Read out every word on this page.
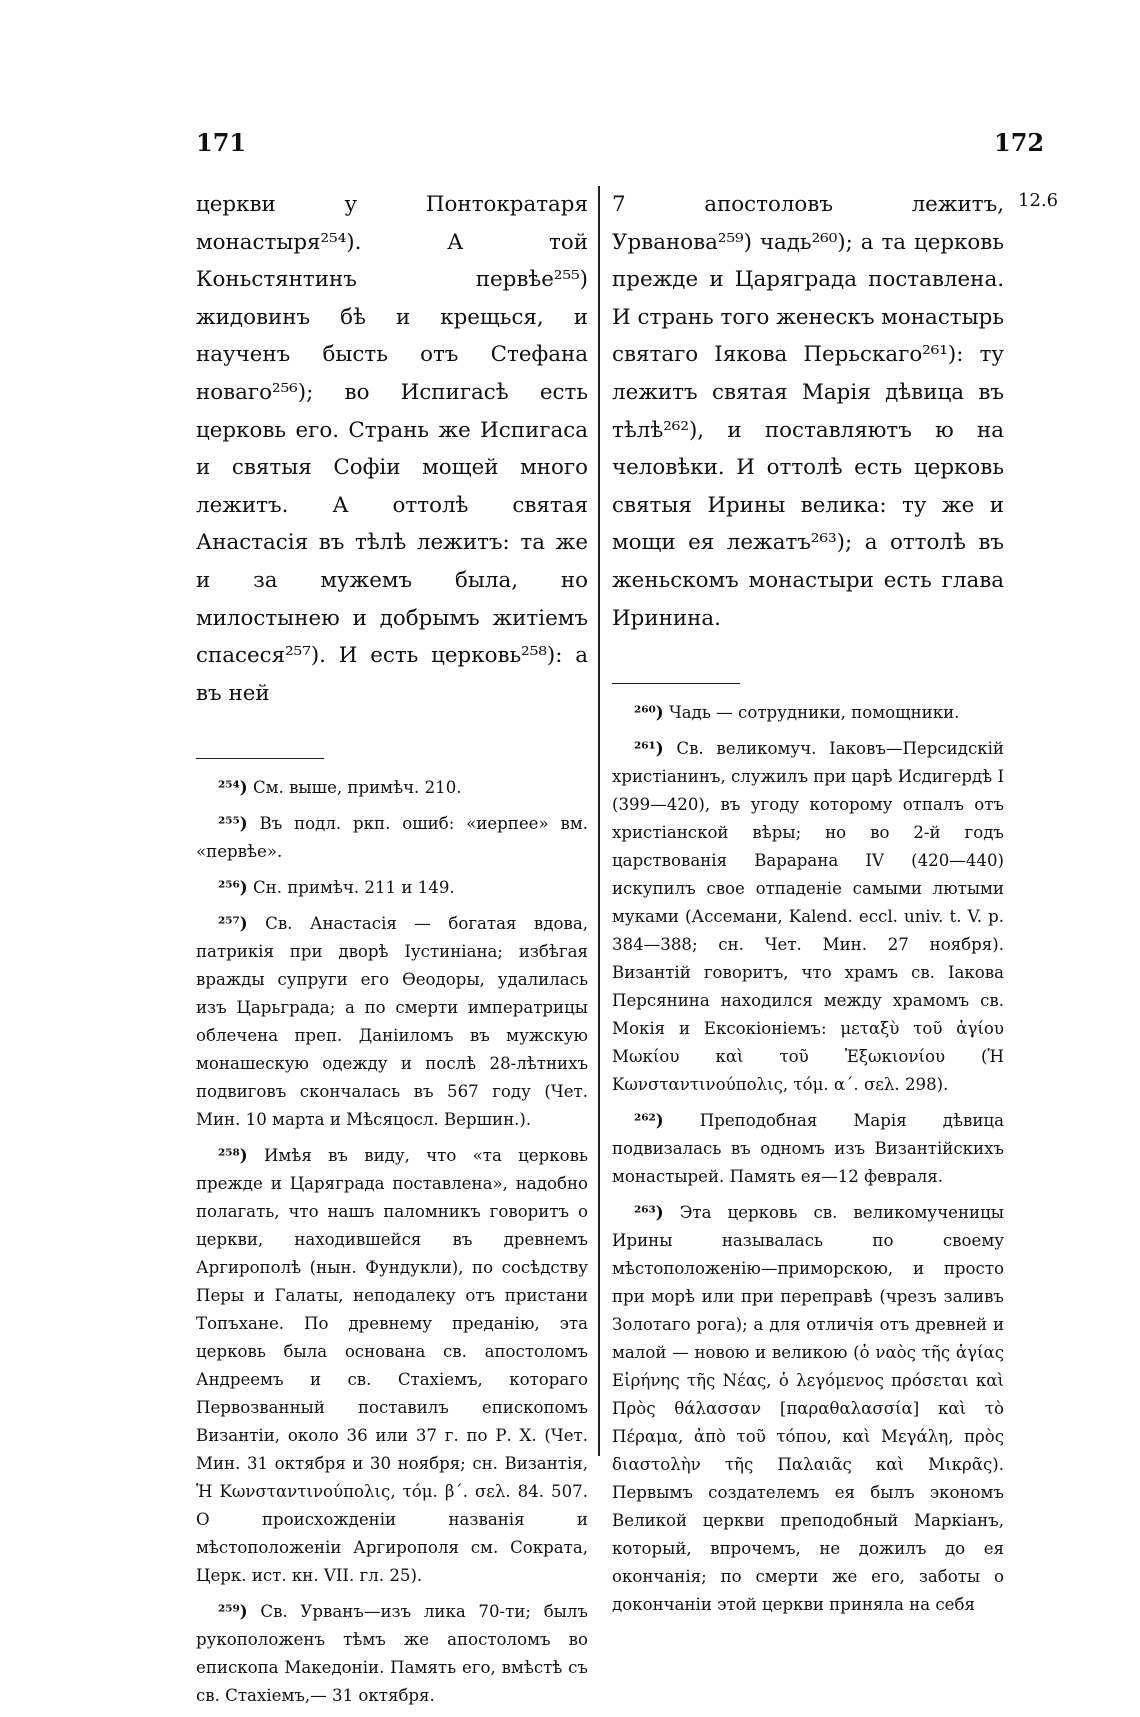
171	172
12.6

церкви у Понтократаря монастыря²⁵⁴). А той Коньстянтинъ первѣе²⁵⁵) жидовинъ бѣ и крещься, и наученъ бысть отъ Стефана новаго²⁵⁶); во Испигасѣ есть церковь его. Странь же Испигаса и святыя Софіи мощей много лежитъ. А оттолѣ святая Анастасія въ тѣлѣ лежитъ: та же и за мужемъ была, но милостынею и добрымъ житіемъ спасеся²⁵⁷). И есть церковь²⁵⁸): а въ ней

²⁵⁴) См. выше, примѣч. 210.

²⁵⁵) Въ подл. ркп. ошиб: «иерпее» вм. «первѣе».

²⁵⁶) Сн. примѣч. 211 и 149.

²⁵⁷) Св. Анастасія — богатая вдова, патрикія при дворѣ Іустиніана; избѣгая вражды супруги его Ѳеодоры, удалилась изъ Царьграда; а по смерти императрицы облечена преп. Даніиломъ въ мужскую монашескую одежду и послѣ 28-лѣтнихъ подвиговъ скончалась въ 567 году (Чет. Мин. 10 марта и Мѣсяцосл. Вершин.).

²⁵⁸) Имѣя въ виду, что «та церковь прежде и Царяграда поставлена», надобно полагать, что нашъ паломникъ говоритъ о церкви, находившейся въ древнемъ Аргирополѣ (нын. Фундукли), по сосѣдству Перы и Галаты, неподалеку отъ пристани Топъхане. По древнему преданію, эта церковь была основана св. апостоломъ Андреемъ и св. Стахіемъ, котораго Первозванный поставилъ епископомъ Византіи, около 36 или 37 г. по Р. Х. (Чет. Мин. 31 октября и 30 ноября; сн. Византія, Ἡ Κωνσταντινούπολις, τόμ. β΄. σελ. 84. 507. О происхожденіи названія и мѣстоположеніи Аргирополя см. Сократа, Церк. ист. кн. VII. гл. 25).

²⁵⁹) Св. Урванъ—изъ лика 70-ти; былъ рукоположенъ тѣмъ же апостоломъ во епископа Македоніи. Память его, вмѣстѣ съ св. Стахіемъ,— 31 октября.

7 апостоловъ лежитъ, Урванова²⁵⁹) чадь²⁶⁰); а та церковь прежде и Царяграда поставлена. И странь того женескъ монастырь святаго Іякова Перьскаго²⁶¹): ту лежитъ святая Марія дѣвица въ тѣлѣ²⁶²), и поставляютъ ю на человѣки. И оттолѣ есть церковь святыя Ирины велика: ту же и мощи ея лежатъ²⁶³); а оттолѣ въ женьскомъ монастыри есть глава Иринина.

²⁶⁰) Чадь — сотрудники, помощники.

²⁶¹) Св. великомуч. Іаковъ—Персидскій христіанинъ, служилъ при царѣ Исдигердѣ I (399—420), въ угоду которому отпалъ отъ христіанской вѣры; но во 2-й годъ царствованія Варарана IV (420—440) искупилъ свое отпаденіе самыми лютыми муками (Ассемани, Kalend. eccl. univ. t. V. p. 384—388; сн. Чет. Мин. 27 ноября). Византій говоритъ, что храмъ св. Іакова Персянина находился между храмомъ св. Мокія и Ексокіоніемъ: μεταξὺ τοῦ ἁγίου Μωκίου καὶ τοῦ Ἐξωκιονίου (Ἡ Κωνσταντινούπολις, τόμ. α΄. σελ. 298).

²⁶²) Преподобная Марія дѣвица подвизалась въ одномъ изъ Византійскихъ монастырей. Память ея—12 февраля.

²⁶³) Эта церковь св. великомученицы Ирины называлась по своему мѣстоположенію—приморскою, и просто при морѣ или при переправѣ (чрезъ заливъ Золотаго рога); а для отличія отъ древней и малой — новою и великою (ὁ ναὸς τῆς ἁγίας Εἰρήνης τῆς Νέας, ὁ λεγόμενος πρόσεται καὶ Πρὸς θάλασσαν [παραθαλασσία] καὶ τὸ Πέραμα, ἀπὸ τοῦ τόπου, καὶ Μεγάλη, πρὸς διαστολὴν τῆς Παλαιᾶς καὶ Μικρᾶς). Первымъ создателемъ ея былъ экономъ Великой церкви преподобный Маркіанъ, который, впрочемъ, не дожилъ до ея окончанія; по смерти же его, заботы о докончаніи этой церкви приняла на себя
